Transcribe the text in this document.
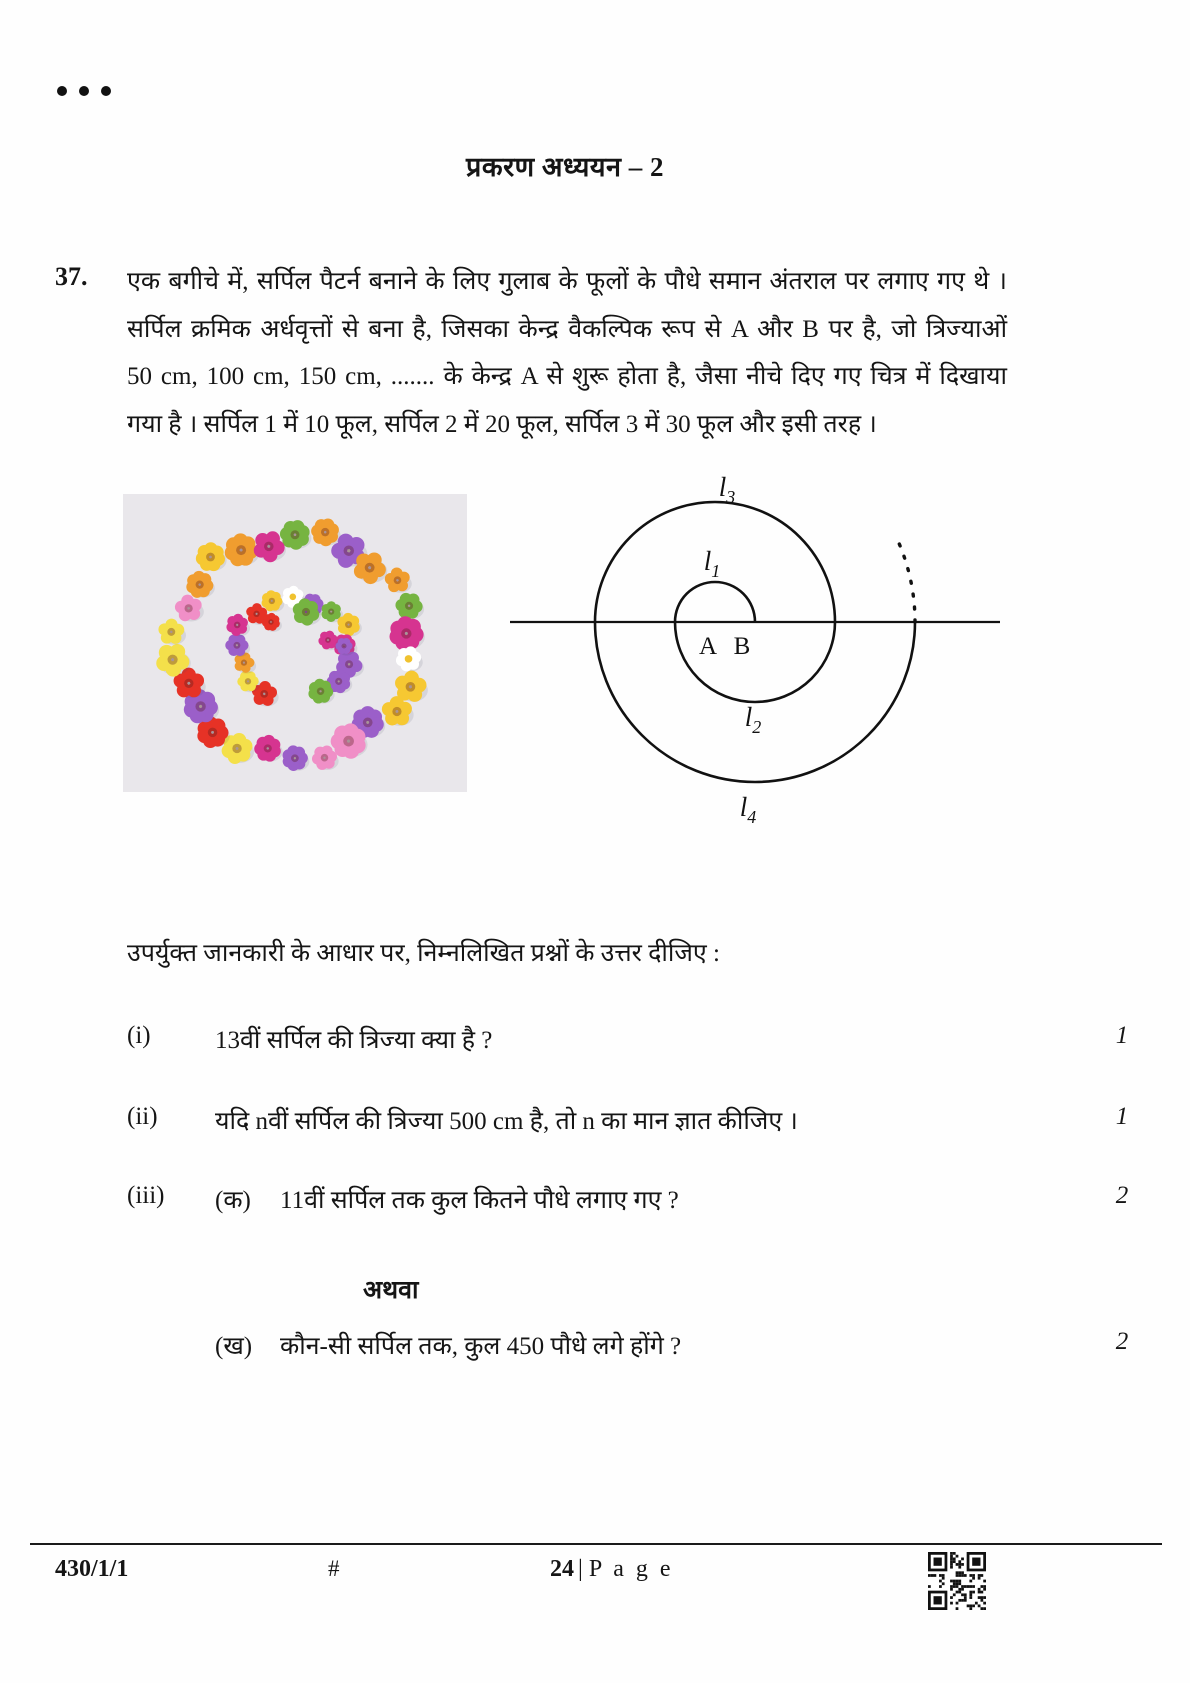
प्रकरण अध्ययन – 2
37. एक बगीचे में, सर्पिल पैटर्न बनाने के लिए गुलाब के फूलों के पौधे समान अंतराल पर लगाए गए थे ।
सर्पिल क्रमिक अर्धवृत्तों से बना है, जिसका केन्द्र वैकल्पिक रूप से A और B पर है, जो त्रिज्याओं
50 cm, 100 cm, 150 cm, ....... के केन्द्र A से शुरू होता है, जैसा नीचे दिए गए चित्र में दिखाया
गया है । सर्पिल 1 में 10 फूल, सर्पिल 2 में 20 फूल, सर्पिल 3 में 30 फूल और इसी तरह ।
$l_3$
$l_1$
$l_2$
$l_4$
A B
उपर्युक्त जानकारी के आधार पर, निम्नलिखित प्रश्नों के उत्तर दीजिए :
(i)	13वीं सर्पिल की त्रिज्या क्या है ?	1
(ii) यदि nवीं सर्पिल की त्रिज्या 500 cm है, तो n का मान ज्ञात कीजिए ।	1
(iii) (क) 11वीं सर्पिल तक कुल कितने पौधे लगाए गए ?	2
अथवा
(ख) कौन-सी सर्पिल तक, कुल 450 पौधे लगे होंगे ?	2
430/1/1	#	24 | P a g e
